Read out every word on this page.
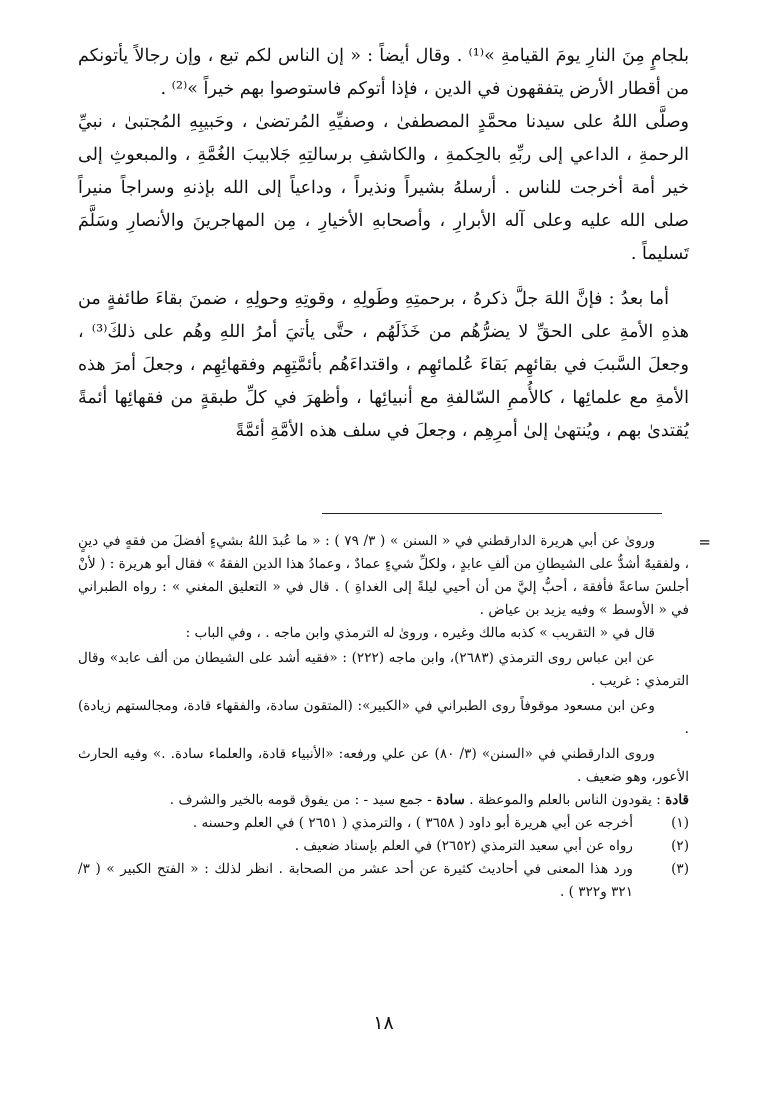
بلجامٍ مِنَ النارِ يومَ القيامةِ »⁽¹⁾ . وقال أيضاً : « إن الناس لكم تبع ، وإن رجالاً يأتونكم من أقطار الأرض يتفقهون في الدين ، فإذا أتوكم فاستوصوا بهم خيراً »⁽²⁾ .

وصلَّى اللهُ على سيدنا محمَّدٍ المصطفىٰ ، وصفيِّهِ المُرتضىٰ ، وحَبيبِهِ المُجتبىٰ ، نبيِّ الرحمةِ ، الداعي إلى ربِّهِ بالحِكمةِ ، والكاشفِ برسالتِهِ جَلابيبَ الغُمَّةِ ، والمبعوثِ إلى خير أمة أخرجت للناس . أرسلهُ بشيراً ونذيراً ، وداعياً إلى الله بإذنهِ وسراجاً منيراً صلى الله عليه وعلى آله الأبرارِ ، وأصحابهِ الأخيارِ ، مِن المهاجرينَ والأنصارِ وسَلَّمَ تَسليماً .

أما بعدُ : فإنَّ اللهَ جلَّ ذكرهُ ، برحمتِهِ وطَولِهِ ، وقوتِهِ وحولِهِ ، ضمنَ بقاءَ طائفةٍ من هذهِ الأمةِ على الحقِّ لا يضرُّهُم من خَذَلَهُم ، حتَّى يأتيَ أمرُ اللهِ وهُم على ذلكَ⁽³⁾ ، وجعلَ السَّببَ في بقائهِم بَقاءَ عُلمائهِم ، واقتداءَهُم بأئمَّتِهِم وفقهائِهِم ، وجعلَ أمرَ هذه الأمةِ مع علمائِها ، كالأُممِ السّالفةِ مع أنبيائِها ، وأظهرَ في كلِّ طبقةٍ من فقهائِها أئمةً يُقتدىٰ بهم ، ويُنتهىٰ إلىٰ أمرِهِم ، وجعلَ في سلف هذه الأمَّةِ أئمَّةً

=

ورویٰ عن أبي هريرة الدارقطني في « السنن » ( ٣/ ٧٩ ) : « ما عُبدَ اللهُ بشيءٍ أفضلَ من فقهٍ في دينٍ ، ولفقيهٌ أشدُّ على الشيطانِ من ألفِ عابدٍ ، ولكلِّ شيءٍ عمادٌ ، وعمادُ هذا الدين الفقهُ » فقال أبو هريرة : ( لأنْ أجلسَ ساعةً فأفقهَ ، أحبُّ إليَّ من أن أحيي ليلةً إلى الغداةِ ) . قال في « التعليق المغني » : رواه الطبراني في « الأوسط » وفيه يزيد بن عياض .

قال في « التقريب » كذبه مالك وغيره ، وروىٰ له الترمذي وابن ماجه . ، وفي الباب :

عن ابن عباس روى الترمذي (٢٦٨٣)، وابن ماجه (٢٢٢) : «فقيه أشد على الشيطان من ألف عابد» وقال الترمذي : غريب .

وعن ابن مسعود موقوفاً روى الطبراني في «الكبير»: (المتقون سادة، والفقهاء قادة، ومجالستهم زيادة) .

وروى الدارقطني في «السنن» (٣/ ٨٠) عن علي ورفعه: «الأنبياء قادة، والعلماء سادة. .» وفيه الحارث الأعور، وهو ضعيف .

قادة : يقودون الناس بالعلم والموعظة . سادة - جمع سيد - : من يفوق قومه بالخير والشرف .

(١)
أخرجه عن أبي هريرة أبو داود ( ٣٦٥٨ ) ، والترمذي ( ٢٦٥١ ) في العلم وحسنه .
(٢)
رواه عن أبي سعيد الترمذي (٢٦٥٢) في العلم بإسناد ضعيف .
(٣)
ورد هذا المعنى في أحاديث كثيرة عن أحد عشر من الصحابة . انظر لذلك : « الفتح الكبير » ( ٣/ ٣٢١ و٣٢٢ ) .
١٨
